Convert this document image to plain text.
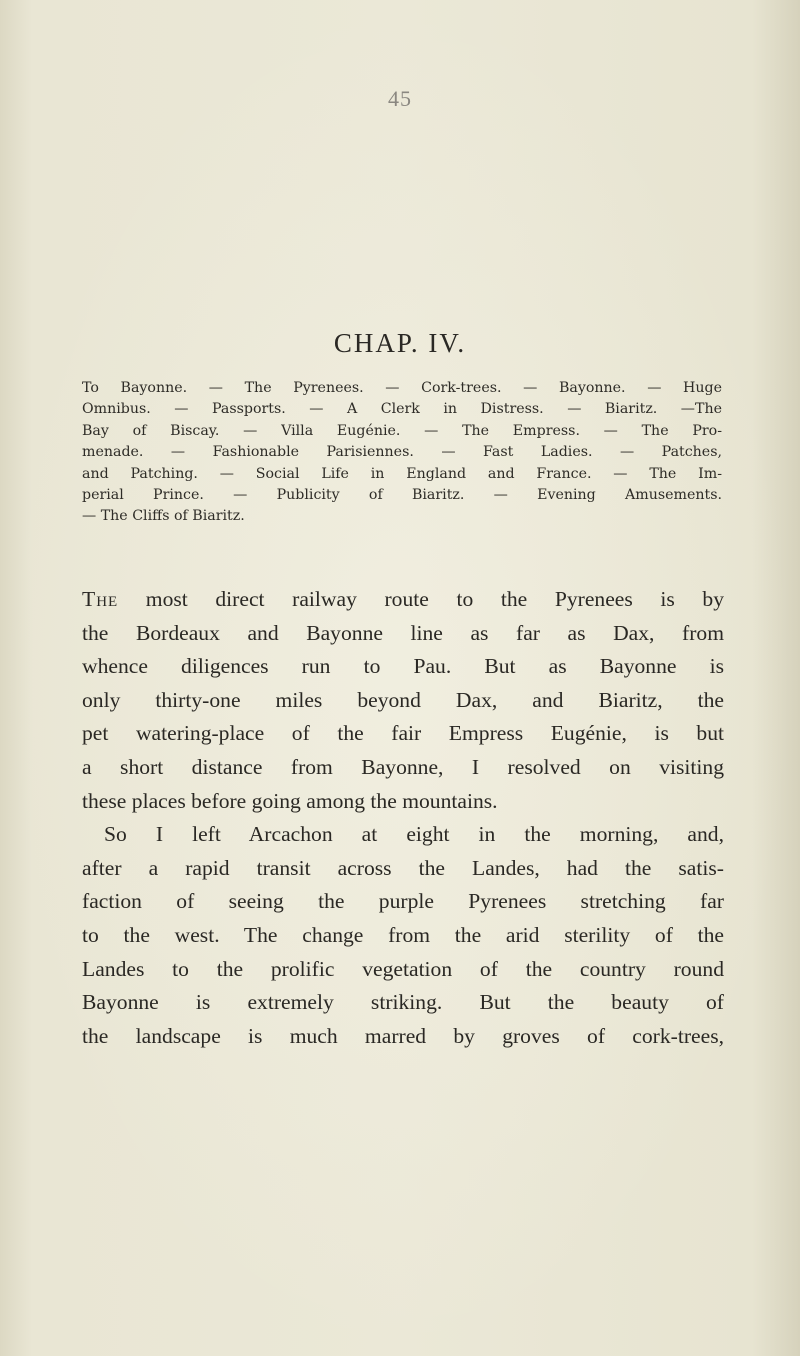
45
CHAP. IV.
To Bayonne. — The Pyrenees. — Cork-trees. — Bayonne. — Huge
Omnibus. — Passports. — A Clerk in Distress. — Biaritz. —The
Bay of Biscay. — Villa Eugénie. — The Empress. — The Pro-
menade. — Fashionable Parisiennes. — Fast Ladies. — Patches,
and Patching. — Social Life in England and France. — The Im-
perial Prince. — Publicity of Biaritz. — Evening Amusements.
— The Cliffs of Biaritz.
The most direct railway route to the Pyrenees is by
the Bordeaux and Bayonne line as far as Dax, from
whence diligences run to Pau. But as Bayonne is
only thirty-one miles beyond Dax, and Biaritz, the
pet watering-place of the fair Empress Eugénie, is but
a short distance from Bayonne, I resolved on visiting
these places before going among the mountains.
So I left Arcachon at eight in the morning, and,
after a rapid transit across the Landes, had the satis-
faction of seeing the purple Pyrenees stretching far
to the west. The change from the arid sterility of the
Landes to the prolific vegetation of the country round
Bayonne is extremely striking. But the beauty of
the landscape is much marred by groves of cork-trees,
